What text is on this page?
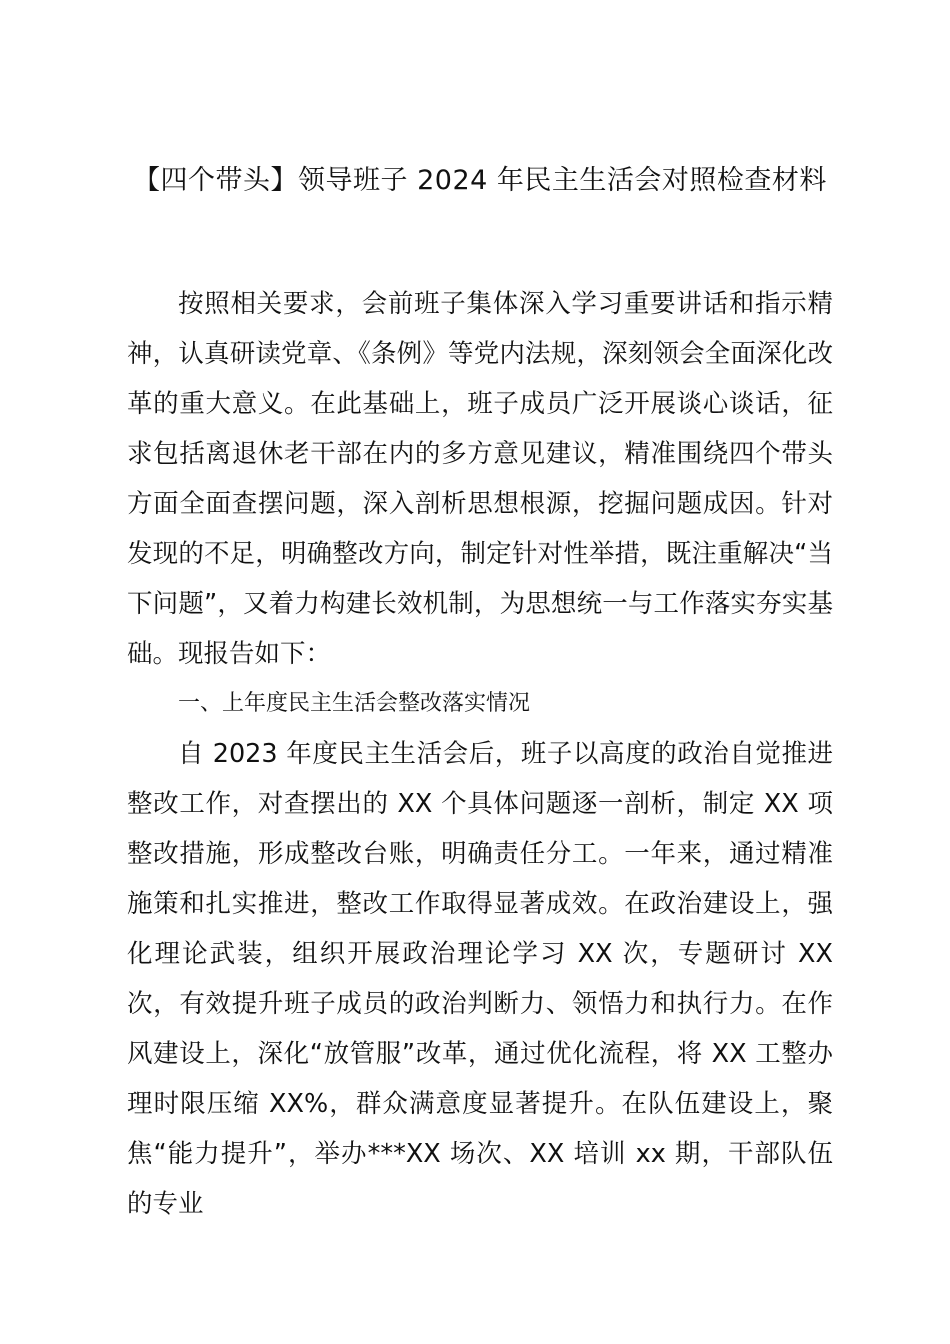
【四个带头】领导班子 2024 年民主生活会对照检查材料

按照相关要求，会前班子集体深入学习重要讲话和指示精神，认真研读党章、《条例》等党内法规，深刻领会全面深化改革的重大意义。在此基础上，班子成员广泛开展谈心谈话，征求包括离退休老干部在内的多方意见建议，精准围绕四个带头方面全面查摆问题，深入剖析思想根源，挖掘问题成因。针对发现的不足，明确整改方向，制定针对性举措，既注重解决“当下问题”，又着力构建长效机制，为思想统一与工作落实夯实基础。现报告如下：

一、上年度民主生活会整改落实情况

自 2023 年度民主生活会后，班子以高度的政治自觉推进整改工作，对查摆出的 XX 个具体问题逐一剖析，制定 XX 项整改措施，形成整改台账，明确责任分工。一年来，通过精准施策和扎实推进，整改工作取得显著成效。在政治建设上，强化理论武装，组织开展政治理论学习 XX 次，专题研讨 XX 次，有效提升班子成员的政治判断力、领悟力和执行力。在作风建设上，深化“放管服”改革，通过优化流程，将 XX 工整办理时限压缩 XX%，群众满意度显著提升。在队伍建设上，聚焦“能力提升”，举办***XX 场次、XX 培训 xx 期，干部队伍的专业
